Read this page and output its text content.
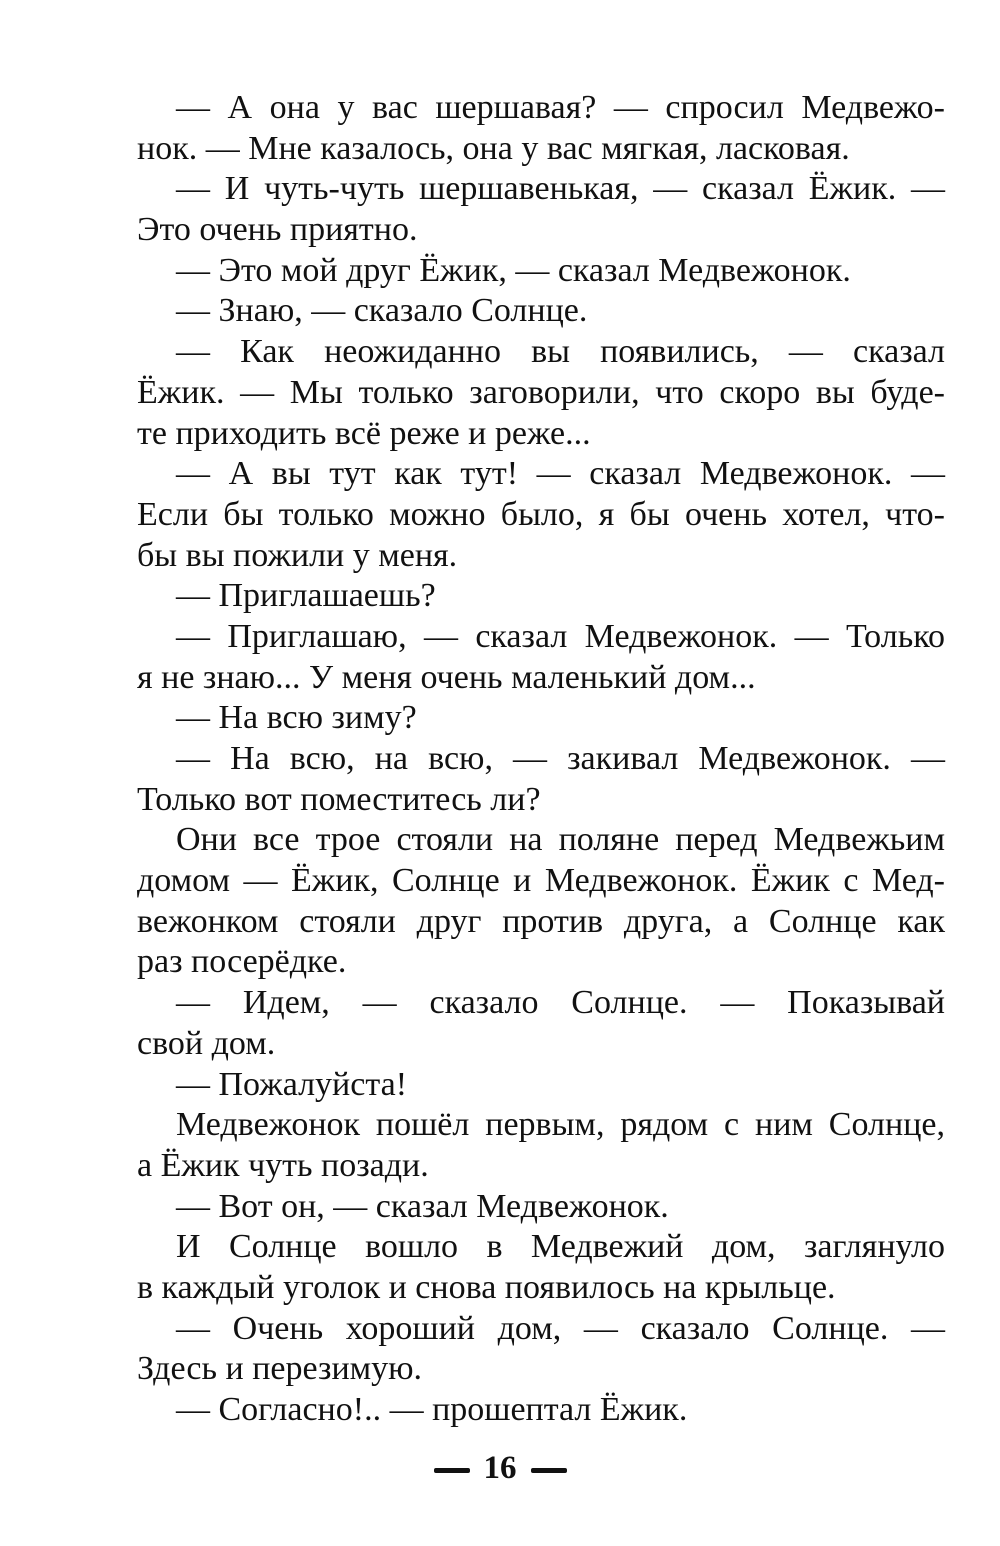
— А она у вас шершавая? — спросил Медвежо-
нок. — Мне казалось, она у вас мягкая, ласковая.
— И чуть-чуть шершавенькая, — сказал Ёжик. —
Это очень приятно.
— Это мой друг Ёжик, — сказал Медвежонок.
— Знаю, — сказало Солнце.
— Как неожиданно вы появились, — сказал
Ёжик. — Мы только заговорили, что скоро вы буде-
те приходить всё реже и реже...
— А вы тут как тут! — сказал Медвежонок. —
Если бы только можно было, я бы очень хотел, что-
бы вы пожили у меня.
— Приглашаешь?
— Приглашаю, — сказал Медвежонок. — Только
я не знаю... У меня очень маленький дом...
— На всю зиму?
— На всю, на всю, — закивал Медвежонок. —
Только вот поместитесь ли?
Они все трое стояли на поляне перед Медвежьим
домом — Ёжик, Солнце и Медвежонок. Ёжик с Мед-
вежонком стояли друг против друга, а Солнце как
раз посерёдке.
— Идем, — сказало Солнце. — Показывай
свой дом.
— Пожалуйста!
Медвежонок пошёл первым, рядом с ним Солнце,
а Ёжик чуть позади.
— Вот он, — сказал Медвежонок.
И Солнце вошло в Медвежий дом, заглянуло
в каждый уголок и снова появилось на крыльце.
— Очень хороший дом, — сказало Солнце. —
Здесь и перезимую.
— Согласно!.. — прошептал Ёжик.
16
